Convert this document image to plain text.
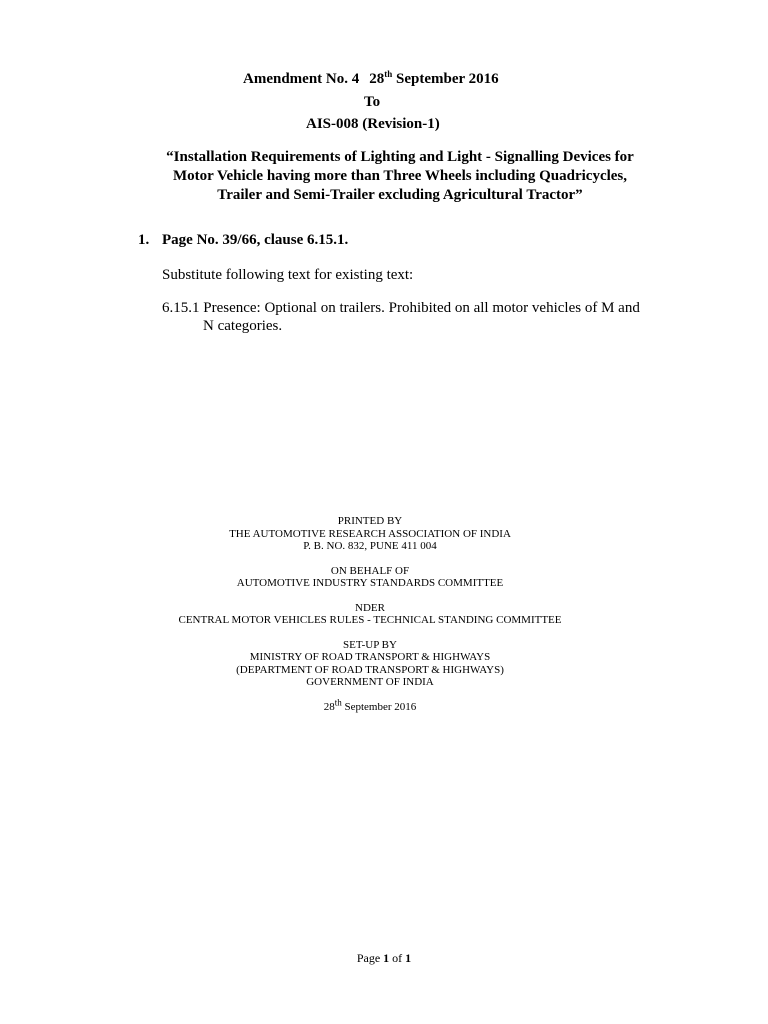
Amendment No. 4 28th September 2016
To
AIS-008 (Revision-1)
“Installation Requirements of Lighting and Light - Signalling Devices for
Motor Vehicle having more than Three Wheels including Quadricycles,
Trailer and Semi-Trailer excluding Agricultural Tractor”
1. Page No. 39/66, clause 6.15.1.
Substitute following text for existing text:
6.15.1 Presence: Optional on trailers. Prohibited on all motor vehicles of M and
N categories.
PRINTED BY
THE AUTOMOTIVE RESEARCH ASSOCIATION OF INDIA
P. B. NO. 832, PUNE 411 004
ON BEHALF OF
AUTOMOTIVE INDUSTRY STANDARDS COMMITTEE
NDER
CENTRAL MOTOR VEHICLES RULES - TECHNICAL STANDING COMMITTEE
SET-UP BY
MINISTRY OF ROAD TRANSPORT & HIGHWAYS
(DEPARTMENT OF ROAD TRANSPORT & HIGHWAYS)
GOVERNMENT OF INDIA
28th September 2016
Page 1 of 1
